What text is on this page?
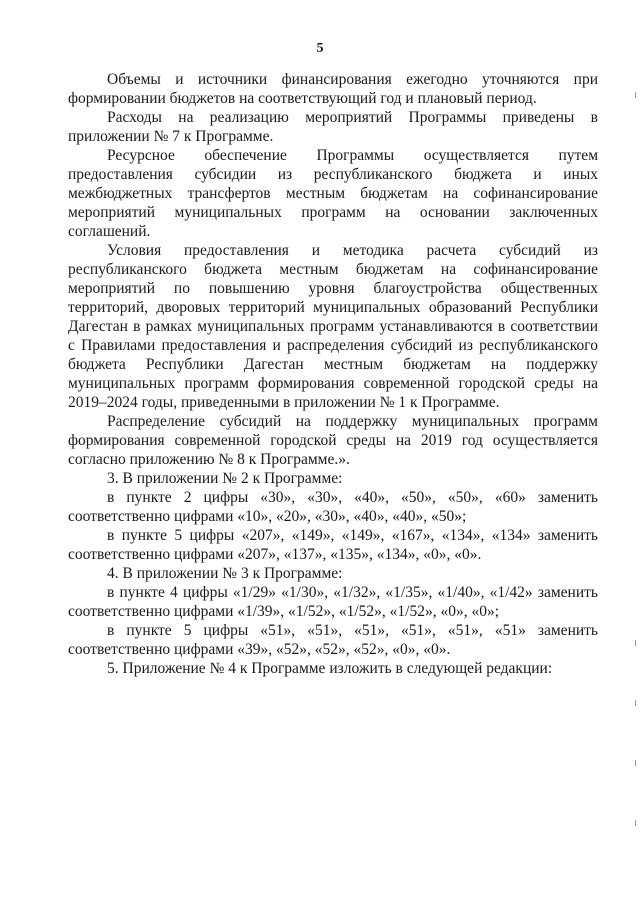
5

Объемы и источники финансирования ежегодно уточняются при формировании бюджетов на соответствующий год и плановый период.

Расходы на реализацию мероприятий Программы приведены в приложении № 7 к Программе.

Ресурсное обеспечение Программы осуществляется путем предоставления субсидии из республиканского бюджета и иных межбюджетных трансфертов местным бюджетам на софинансирование мероприятий муниципальных программ на основании заключенных соглашений.

Условия предоставления и методика расчета субсидий из республиканского бюджета местным бюджетам на софинансирование мероприятий по повышению уровня благоустройства общественных территорий, дворовых территорий муниципальных образований Республики Дагестан в рамках муниципальных программ устанавливаются в соответствии с Правилами предоставления и распределения субсидий из республиканского бюджета Республики Дагестан местным бюджетам на поддержку муниципальных программ формирования современной городской среды на 2019–2024 годы, приведенными в приложении № 1 к Программе.

Распределение субсидий на поддержку муниципальных программ формирования современной городской среды на 2019 год осуществляется согласно приложению № 8 к Программе.».

3. В приложении № 2 к Программе:

в пункте 2 цифры «30», «30», «40», «50», «50», «60» заменить соответственно цифрами «10», «20», «30», «40», «40», «50»;

в пункте 5 цифры «207», «149», «149», «167», «134», «134» заменить соответственно цифрами «207», «137», «135», «134», «0», «0».

4. В приложении № 3 к Программе:

в пункте 4 цифры «1/29» «1/30», «1/32», «1/35», «1/40», «1/42» заменить соответственно цифрами «1/39», «1/52», «1/52», «1/52», «0», «0»;

в пункте 5 цифры «51», «51», «51», «51», «51», «51» заменить соответственно цифрами «39», «52», «52», «52», «0», «0».

5. Приложение № 4 к Программе изложить в следующей редакции:
